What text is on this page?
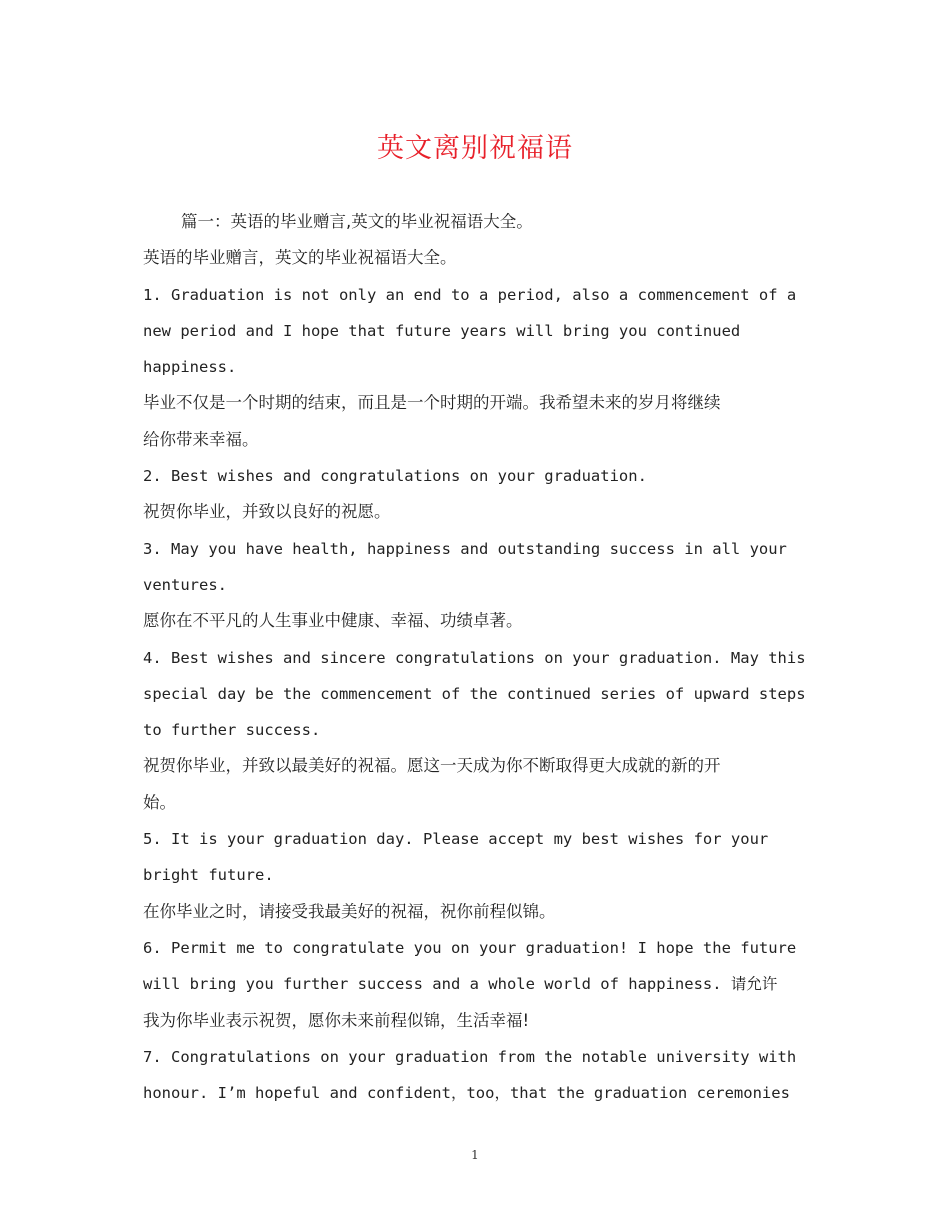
英文离别祝福语
篇一：英语的毕业赠言,英文的毕业祝福语大全。
英语的毕业赠言，英文的毕业祝福语大全。
1. Graduation is not only an end to a period, also a commencement of a
new period and I hope that future years will bring you continued
happiness.
毕业不仅是一个时期的结束，而且是一个时期的开端。我希望未来的岁月将继续
给你带来幸福。
2. Best wishes and congratulations on your graduation.
祝贺你毕业，并致以良好的祝愿。
3. May you have health, happiness and outstanding success in all your
ventures.
愿你在不平凡的人生事业中健康、幸福、功绩卓著。
4. Best wishes and sincere congratulations on your graduation. May this
special day be the commencement of the continued series of upward steps
to further success.
祝贺你毕业，并致以最美好的祝福。愿这一天成为你不断取得更大成就的新的开
始。
5. It is your graduation day. Please accept my best wishes for your
bright future.
在你毕业之时，请接受我最美好的祝福，祝你前程似锦。
6. Permit me to congratulate you on your graduation! I hope the future
will bring you further success and a whole world of happiness. 请允许
我为你毕业表示祝贺，愿你未来前程似锦，生活幸福!
7. Congratulations on your graduation from the notable university with
honour. I’m hopeful and confident，too，that the graduation ceremonies
1
